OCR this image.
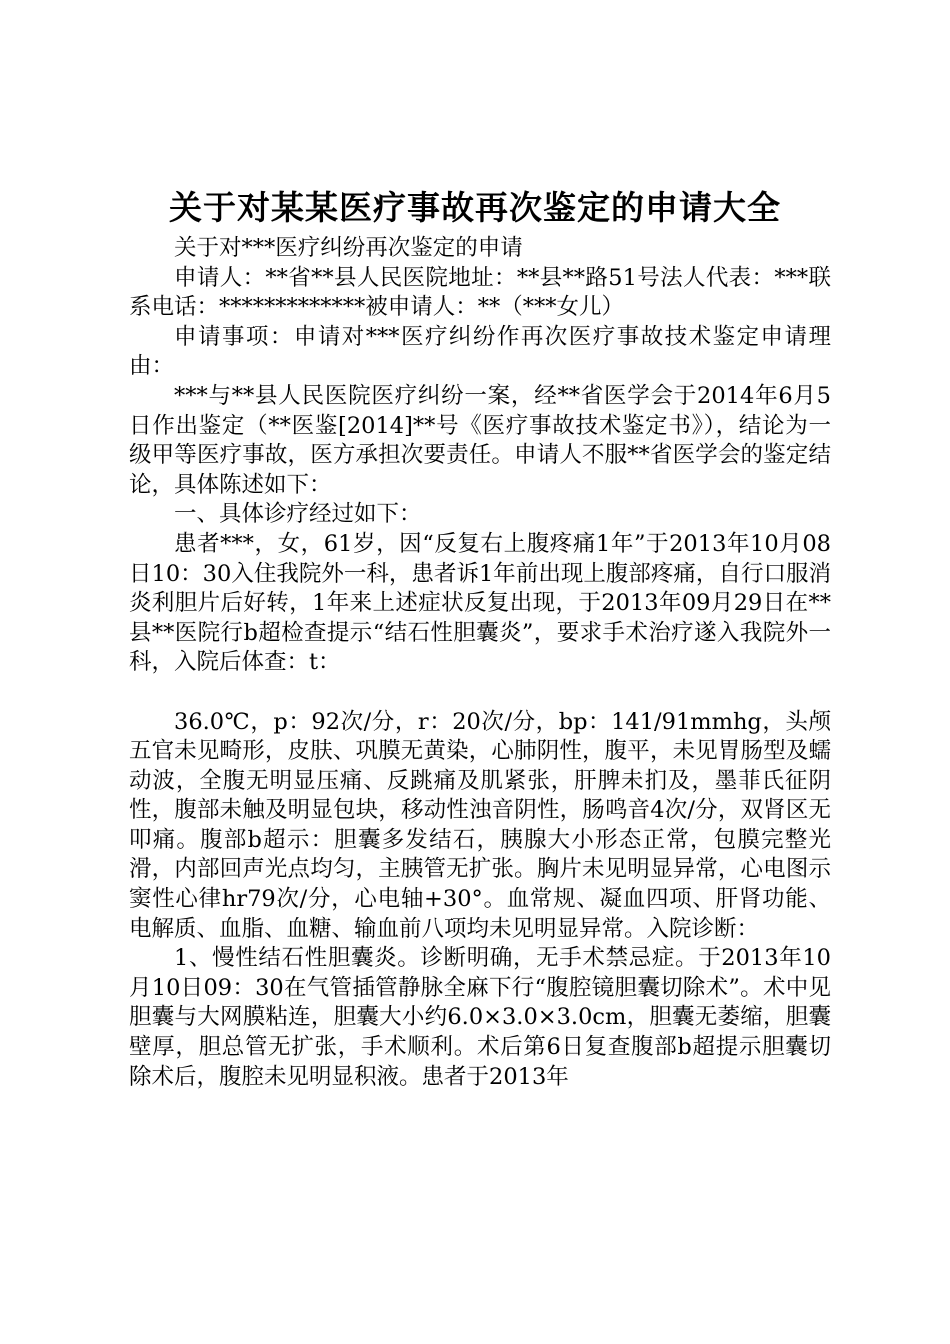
关于对某某医疗事故再次鉴定的申请大全

关于对***医疗纠纷再次鉴定的申请

申请人：**省**县人民医院地址：**县**路51号法人代表：***联系电话：*************被申请人：**（***女儿）

申请事项：申请对***医疗纠纷作再次医疗事故技术鉴定申请理由：

***与**县人民医院医疗纠纷一案，经**省医学会于2014年6月5日作出鉴定（**医鉴[2014]**号《医疗事故技术鉴定书》），结论为一级甲等医疗事故，医方承担次要责任。申请人不服**省医学会的鉴定结论，具体陈述如下：

一、具体诊疗经过如下：

患者***，女，61岁，因“反复右上腹疼痛1年”于2013年10月08日10：30入住我院外一科，患者诉1年前出现上腹部疼痛，自行口服消炎利胆片后好转，1年来上述症状反复出现，于2013年09月29日在**县**医院行b超检查提示“结石性胆囊炎”，要求手术治疗遂入我院外一科，入院后体查：t：

36.0℃，p：92次/分，r：20次/分，bp：141/91mmhg，头颅五官未见畸形，皮肤、巩膜无黄染，心肺阴性，腹平，未见胃肠型及蠕动波，全腹无明显压痛、反跳痛及肌紧张，肝脾未扪及，墨菲氏征阴性，腹部未触及明显包块，移动性浊音阴性，肠鸣音4次/分，双肾区无叩痛。腹部b超示：胆囊多发结石，胰腺大小形态正常，包膜完整光滑，内部回声光点均匀，主胰管无扩张。胸片未见明显异常，心电图示窦性心律hr79次/分，心电轴+30°。血常规、凝血四项、肝肾功能、电解质、血脂、血糖、输血前八项均未见明显异常。入院诊断：

1、慢性结石性胆囊炎。诊断明确，无手术禁忌症。于2013年10月10日09：30在气管插管静脉全麻下行“腹腔镜胆囊切除术”。术中见胆囊与大网膜粘连，胆囊大小约6.0×3.0×3.0cm，胆囊无萎缩，胆囊壁厚，胆总管无扩张，手术顺利。术后第6日复查腹部b超提示胆囊切除术后，腹腔未见明显积液。患者于2013年
